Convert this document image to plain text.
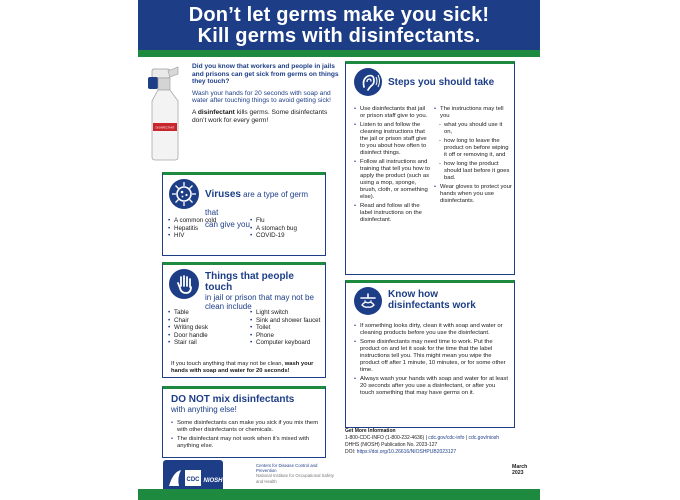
Don’t let germs make you sick!
Kill germs with disinfectants.
DISINFECTANT

Did you know that workers and people in jails and prisons can get sick from germs on things they touch?

Wash your hands for 20 seconds with soap and water after touching things to avoid getting sick!

A disinfectant kills germs. Some disinfectants don’t work for every germ!

Viruses are a type of germ that
can give you
• A common cold
• Hepatitis
• HIV
• Flu
• A stomach bug
• COVID-19
Things that people touch
in jail or prison that may not be clean include
• Table
• Chair
• Writing desk
• Door handle
• Stair rail
• Light switch
• Sink and shower faucet
• Toilet
• Phone
• Computer keyboard
If you touch anything that may not be clean, wash your hands with soap and water for 20 seconds!
DO NOT mix disinfectants
with anything else!
• Some disinfectants can make you sick if you mix them with other disinfectants or chemicals.
• The disinfectant may not work when it’s mixed with anything else.
Steps you should take
• Use disinfectants that jail or prison staff give to you.
• Listen to and follow the cleaning instructions that the jail or prison staff give to you about how often to disinfect things.
• Follow all instructions and training that tell you how to apply the product (such as using a mop, sponge, brush, cloth, or something else).
• Read and follow all the label instructions on the disinfectant.
• The instructions may tell you
- what you should use it on,
- how long to leave the product on before wiping it off or removing it, and
- how long the product should last before it goes bad.
• Wear gloves to protect your hands when you use disinfectants.
Know how
disinfectants work
• If something looks dirty, clean it with soap and water or cleaning products before you use the disinfectant.
• Some disinfectants may need time to work. Put the product on and let it soak for the time that the label instructions tell you. This might mean you wipe the product off after 1 minute, 10 minutes, or for some other time.
• Always wash your hands with soap and water for at least 20 seconds after you use a disinfectant, or after you touch something that may have germs on it.
Get More Information
1-800-CDC-INFO (1-800-232-4636) | cdc.gov/cdc-info | cdc.gov/niosh
DHHS (NIOSH) Publication No. 2023-127
DOI: https://doi.org/10.26616/NIOSHPUB2023127
March 2023
CDC NIOSH
Centers for Disease Control and Prevention
National Institute for Occupational Safety and Health
